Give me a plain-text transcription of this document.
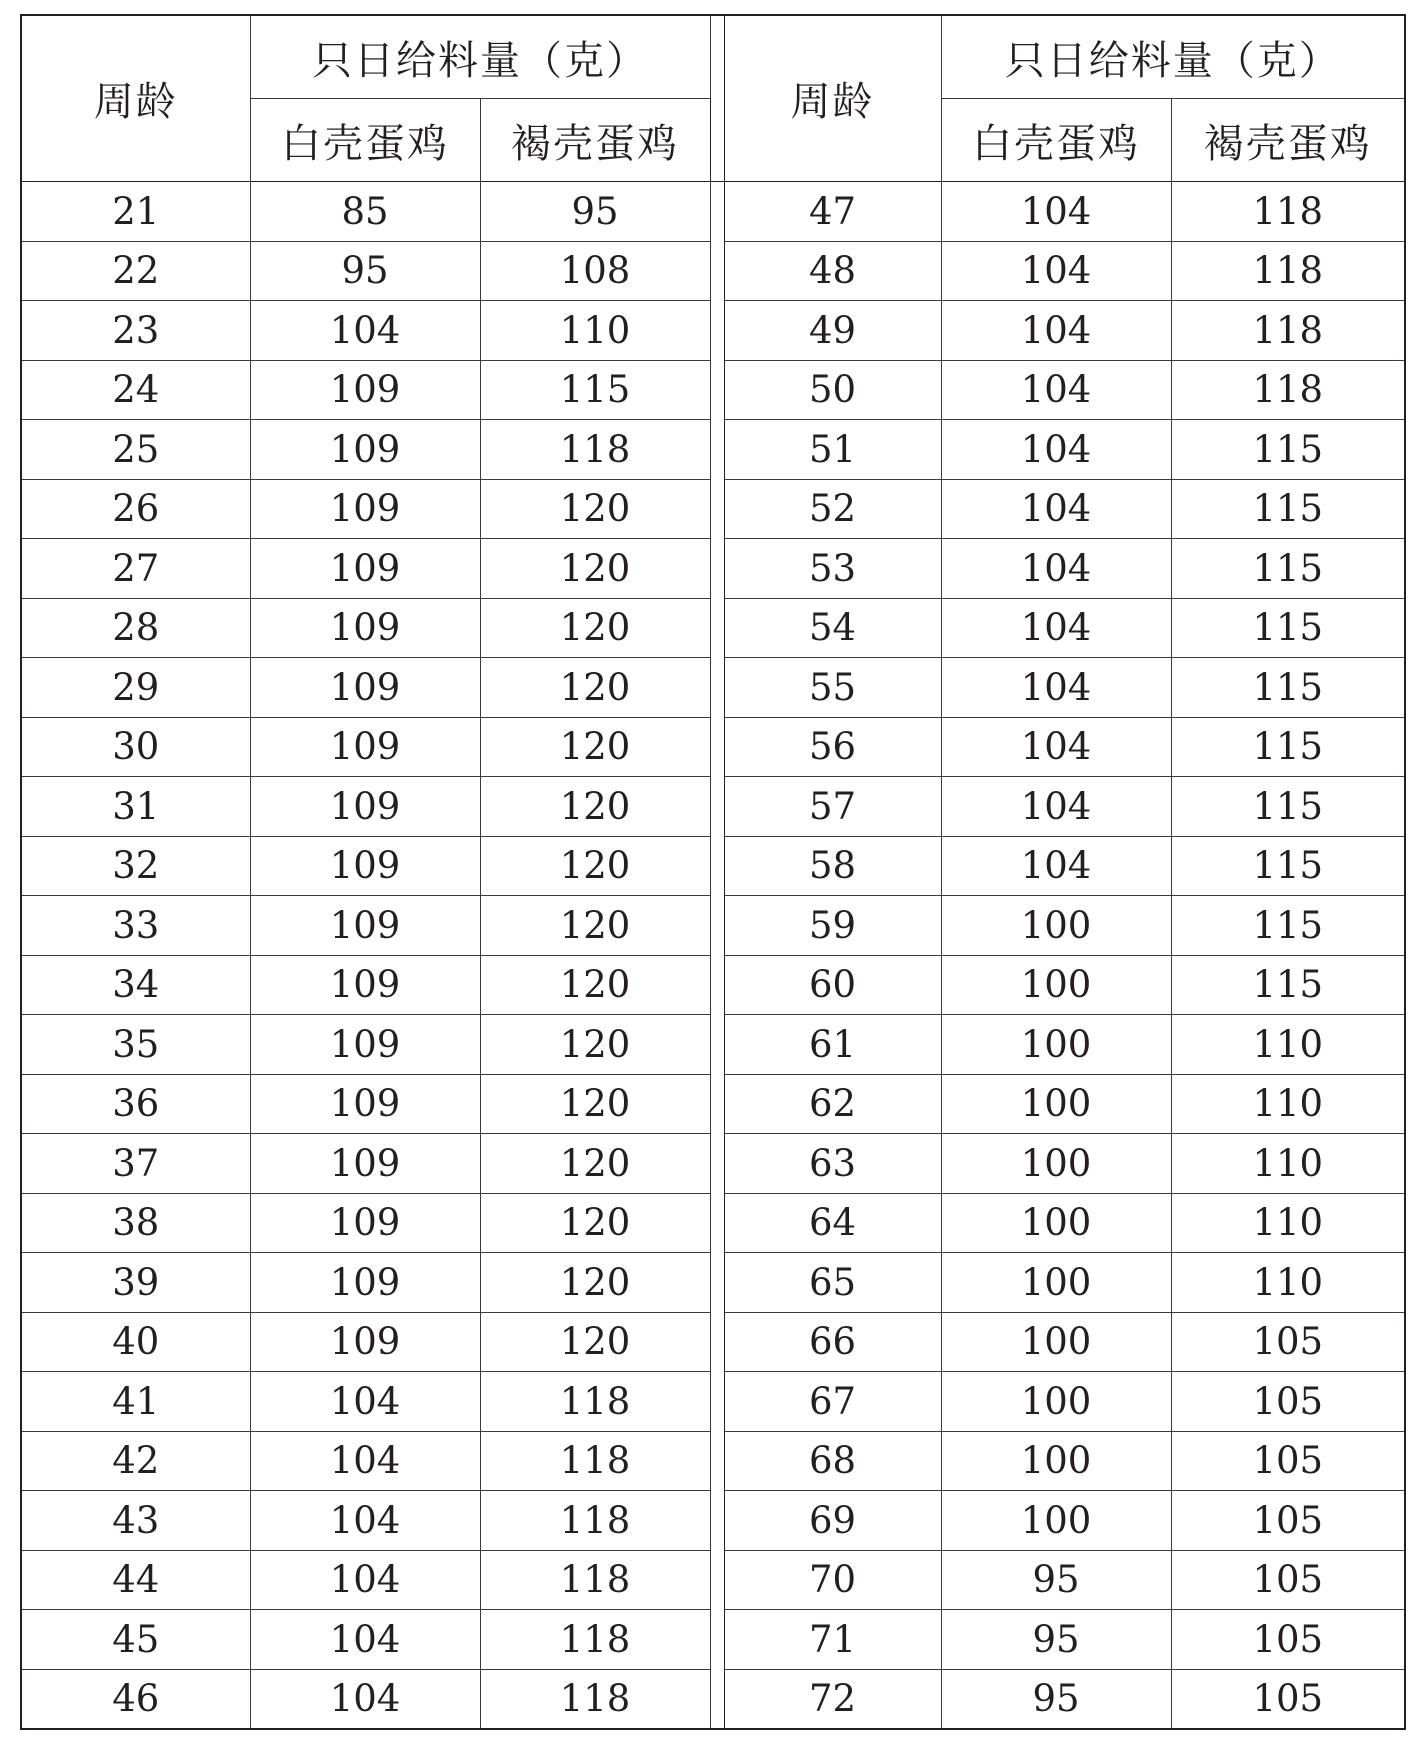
周龄	只日给料量（克）			周龄	只日给料量（克）	
	白壳蛋鸡	褐壳蛋鸡			白壳蛋鸡	褐壳蛋鸡
21	85	95		47	104	118
22	95	108		48	104	118
23	104	110		49	104	118
24	109	115		50	104	118
25	109	118		51	104	115
26	109	120		52	104	115
27	109	120		53	104	115
28	109	120		54	104	115
29	109	120		55	104	115
30	109	120		56	104	115
31	109	120		57	104	115
32	109	120		58	104	115
33	109	120		59	100	115
34	109	120		60	100	115
35	109	120		61	100	110
36	109	120		62	100	110
37	109	120		63	100	110
38	109	120		64	100	110
39	109	120		65	100	110
40	109	120		66	100	105
41	104	118		67	100	105
42	104	118		68	100	105
43	104	118		69	100	105
44	104	118		70	95	105
45	104	118		71	95	105
46	104	118		72	95	105
